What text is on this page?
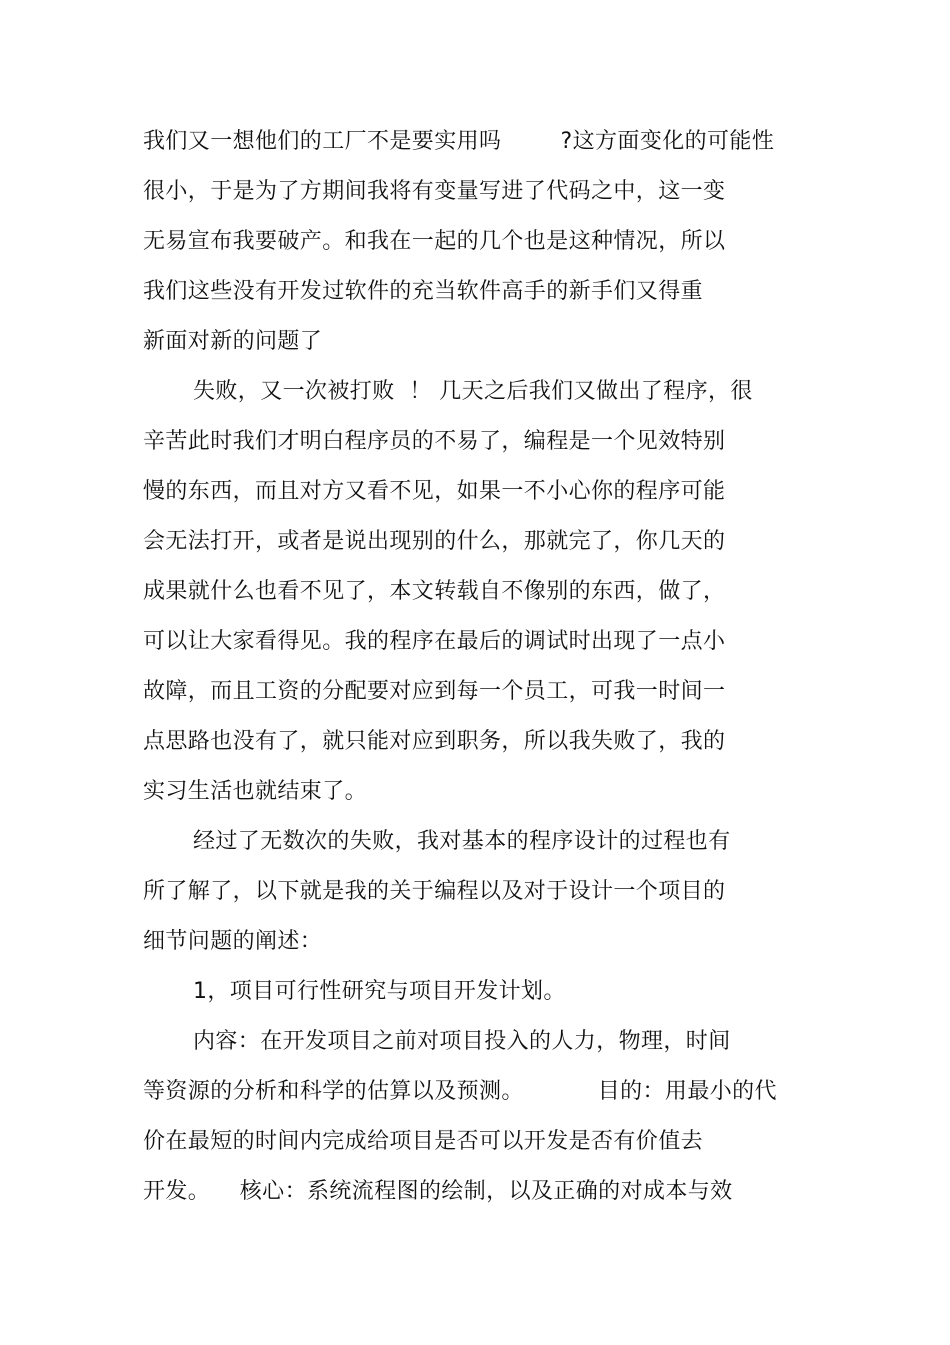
我们又一想他们的工厂不是要实用吗        ?这方面变化的可能性
很小，于是为了方期间我将有变量写进了代码之中，这一变
无易宣布我要破产。和我在一起的几个也是这种情况，所以
我们这些没有开发过软件的充当软件高手的新手们又得重
新面对新的问题了
失败，又一次被打败  ！ 几天之后我们又做出了程序，很
辛苦此时我们才明白程序员的不易了，编程是一个见效特别
慢的东西，而且对方又看不见，如果一不小心你的程序可能
会无法打开，或者是说出现别的什么，那就完了，你几天的
成果就什么也看不见了，本文转载自不像别的东西，做了，
可以让大家看得见。我的程序在最后的调试时出现了一点小
故障，而且工资的分配要对应到每一个员工，可我一时间一
点思路也没有了，就只能对应到职务，所以我失败了，我的
实习生活也就结束了。
经过了无数次的失败，我对基本的程序设计的过程也有
所了解了，以下就是我的关于编程以及对于设计一个项目的
细节问题的阐述：
1，项目可行性研究与项目开发计划。
内容：在开发项目之前对项目投入的人力，物理，时间
等资源的分析和科学的估算以及预测。          目的：用最小的代
价在最短的时间内完成给项目是否可以开发是否有价值去
开发。    核心：系统流程图的绘制，以及正确的对成本与效
